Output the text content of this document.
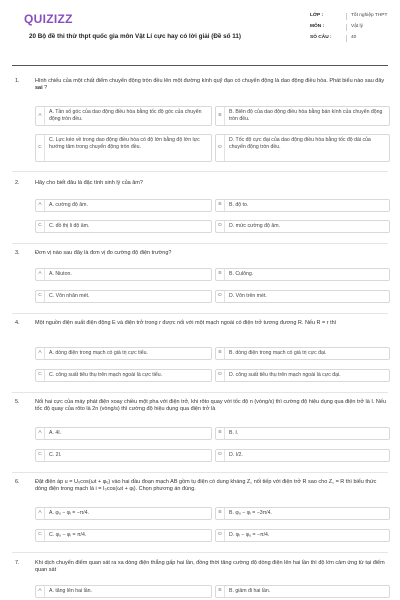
QUIZIZZ	LỚP :	Tốt nghiệp THPT
MÔN :	Vật lý
SỐ CÂU :	40
20 Bộ đề thi thử thpt quốc gia môn Vật Lí cực hay có lời giải (Đề số 11)
1.	Hình chiếu của một chất điểm chuyển động tròn đều lên một đường kính quỹ đạo có chuyển động là dao động điều hòa. Phát biểu nào sau đây sai ?
A
A. Tần số góc của dao động điều hòa bằng tốc độ góc của chuyển động tròn đều.
B
B. Biên độ của dao động điều hòa bằng bán kính của chuyển động tròn đều.
C
C. Lực kéo về trong dao động điều hòa có độ lớn bằng độ lớn lực hướng tâm trong chuyển động tròn đều.	D
D. Tốc độ cực đại của dao động điều hòa bằng tốc độ dài của chuyển động tròn đều.
2.	Hãy cho biết đâu là đặc tính sinh lý của âm?
A	A. cường độ âm.	B	B. độ to.
C	C. đồ thị li độ âm.	D	D. mức cường độ âm.
3.	Đơn vị nào sau đây là đơn vị đo cường độ điện trường?
A	A. Niuton.	B	B. Culông.
C	C. Vôn nhân mét.	D	D. Vôn trên mét.
4.	Một nguồn điện suất điện động E và điện trở trong r được nối với một mạch ngoài có điện trở tương đương R. Nếu R = r thì
A	A. dòng điện trong mạch có giá trị cực tiểu.	B	B. dòng điện trong mạch có giá trị cực đại.
C	C. công suất tiêu thụ trên mạch ngoài là cực tiểu.	D	D. công suất tiêu thụ trên mạch ngoài là cực đại.
5.	Nối hai cực của máy phát điện xoay chiều một pha với điện trở, khi rôto quay với tốc độ n (vòng/s) thì cường độ hiệu dụng qua điện trở là I. Nếu tốc độ quay của rôto là 2n (vòng/s) thì cường độ hiệu dụng qua điện trở là
A	A. 4I.	B	B. I.
C	C. 2I.	D	D. I/2.
6.	Đặt điện áp u = U₀cos(ωt + φᵤ) vào hai đầu đoạn mạch AB gồm tụ điện có dung kháng Z꜀ nối tiếp với điện trở R sao cho Z꜀ = R thì biểu thức dòng điện trong mạch là i = I₀cos(ωt + φᵢ). Chọn phương án đúng.
A	A. φᵤ − φᵢ = −π/4.	B	B. φᵤ − φᵢ = −3π/4.
C	C. φᵤ − φᵢ = π/4.	D	D. φᵢ − φᵤ = −π/4.
7.	Khi dịch chuyển điểm quan sát ra xa dòng điện thẳng gấp hai lần, đồng thời tăng cường độ dòng điện lên hai lần thì độ lớn cảm ứng từ tại điểm quan sát
A	A. tăng lên hai lần.	B	B. giảm đi hai lần.
